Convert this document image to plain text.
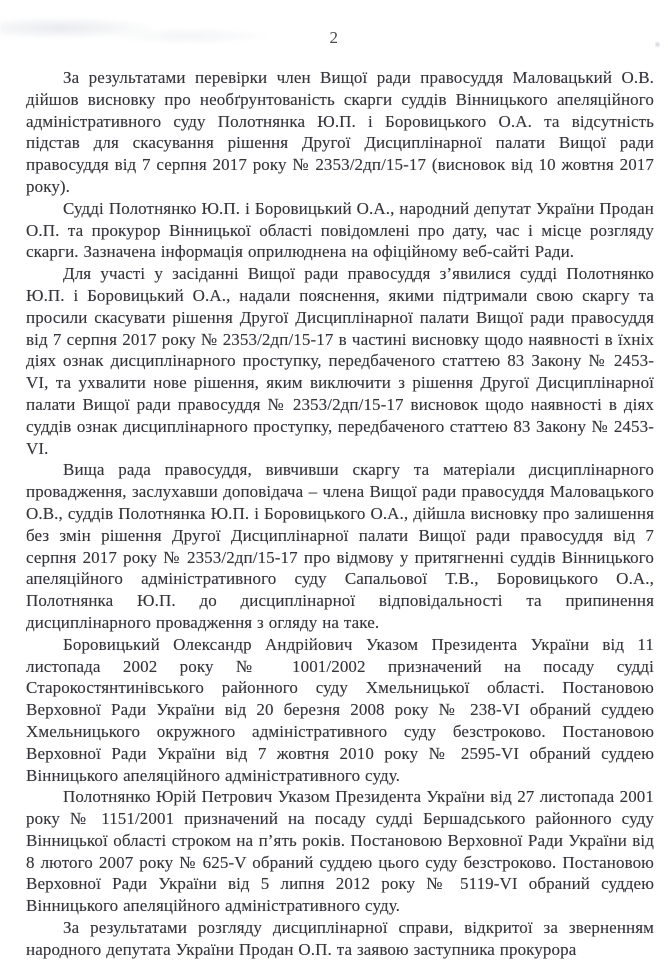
2

За результатами перевірки член Вищої ради правосуддя Маловацький О.В. дійшов висновку про необґрунтованість скарги суддів Вінницького апеляційного адміністративного суду Полотнянка Ю.П. і Боровицького О.А. та відсутність підстав для скасування рішення Другої Дисциплінарної палати Вищої ради правосуддя від 7 серпня 2017 року № 2353/2дп/15-17 (висновок від 10 жовтня 2017 року).

Судді Полотнянко Ю.П. і Боровицький О.А., народний депутат України Продан О.П. та прокурор Вінницької області повідомлені про дату, час і місце розгляду скарги. Зазначена інформація оприлюднена на офіційному веб-сайті Ради.

Для участі у засіданні Вищої ради правосуддя з’явилися судді Полотнянко Ю.П. і Боровицький О.А., надали пояснення, якими підтримали свою скаргу та просили скасувати рішення Другої Дисциплінарної палати Вищої ради правосуддя від 7 серпня 2017 року № 2353/2дп/15-17 в частині висновку щодо наявності в їхніх діях ознак дисциплінарного проступку, передбаченого статтею 83 Закону № 2453-VI, та ухвалити нове рішення, яким виключити з рішення Другої Дисциплінарної палати Вищої ради правосуддя № 2353/2дп/15-17 висновок щодо наявності в діях суддів ознак дисциплінарного проступку, передбаченого статтею 83 Закону № 2453-VI.

Вища рада правосуддя, вивчивши скаргу та матеріали дисциплінарного провадження, заслухавши доповідача – члена Вищої ради правосуддя Маловацького О.В., суддів Полотнянка Ю.П. і Боровицького О.А., дійшла висновку про залишення без змін рішення Другої Дисциплінарної палати Вищої ради правосуддя від 7 серпня 2017 року № 2353/2дп/15-17 про відмову у притягненні суддів Вінницького апеляційного адміністративного суду Сапальової Т.В., Боровицького О.А., Полотнянка Ю.П. до дисциплінарної відповідальності та припинення дисциплінарного провадження з огляду на таке.

Боровицький Олександр Андрійович Указом Президента України від 11 листопада 2002 року № 1001/2002 призначений на посаду судді Старокостянтинівського районного суду Хмельницької області. Постановою Верховної Ради України від 20 березня 2008 року № 238-VI обраний суддею Хмельницького окружного адміністративного суду безстроково. Постановою Верховної Ради України від 7 жовтня 2010 року № 2595-VI обраний суддею Вінницького апеляційного адміністративного суду.

Полотнянко Юрій Петрович Указом Президента України від 27 листопада 2001 року № 1151/2001 призначений на посаду судді Бершадського районного суду Вінницької області строком на п’ять років. Постановою Верховної Ради України від 8 лютого 2007 року № 625-V обраний суддею цього суду безстроково. Постановою Верховної Ради України від 5 липня 2012 року № 5119-VI обраний суддею Вінницького апеляційного адміністративного суду.

За результатами розгляду дисциплінарної справи, відкритої за зверненням народного депутата України Продан О.П. та заявою заступника прокурора
